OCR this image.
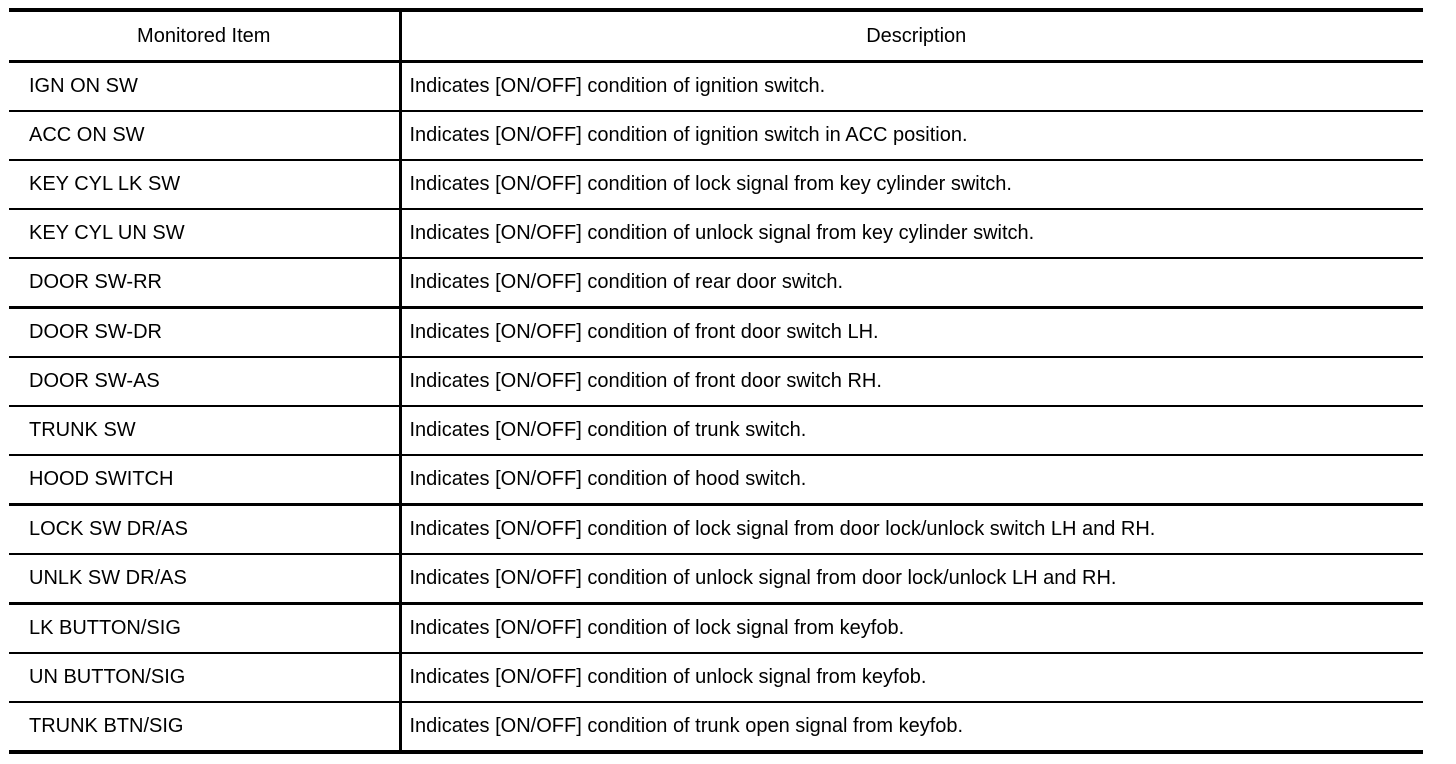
Monitored Item	Description
IGN ON SW	Indicates [ON/OFF] condition of ignition switch.
ACC ON SW	Indicates [ON/OFF] condition of ignition switch in ACC position.
KEY CYL LK SW	Indicates [ON/OFF] condition of lock signal from key cylinder switch.
KEY CYL UN SW	Indicates [ON/OFF] condition of unlock signal from key cylinder switch.
DOOR SW-RR	Indicates [ON/OFF] condition of rear door switch.
DOOR SW-DR	Indicates [ON/OFF] condition of front door switch LH.
DOOR SW-AS	Indicates [ON/OFF] condition of front door switch RH.
TRUNK SW	Indicates [ON/OFF] condition of trunk switch.
HOOD SWITCH	Indicates [ON/OFF] condition of hood switch.
LOCK SW DR/AS	Indicates [ON/OFF] condition of lock signal from door lock/unlock switch LH and RH.
UNLK SW DR/AS	Indicates [ON/OFF] condition of unlock signal from door lock/unlock LH and RH.
LK BUTTON/SIG	Indicates [ON/OFF] condition of lock signal from keyfob.
UN BUTTON/SIG	Indicates [ON/OFF] condition of unlock signal from keyfob.
TRUNK BTN/SIG	Indicates [ON/OFF] condition of trunk open signal from keyfob.
